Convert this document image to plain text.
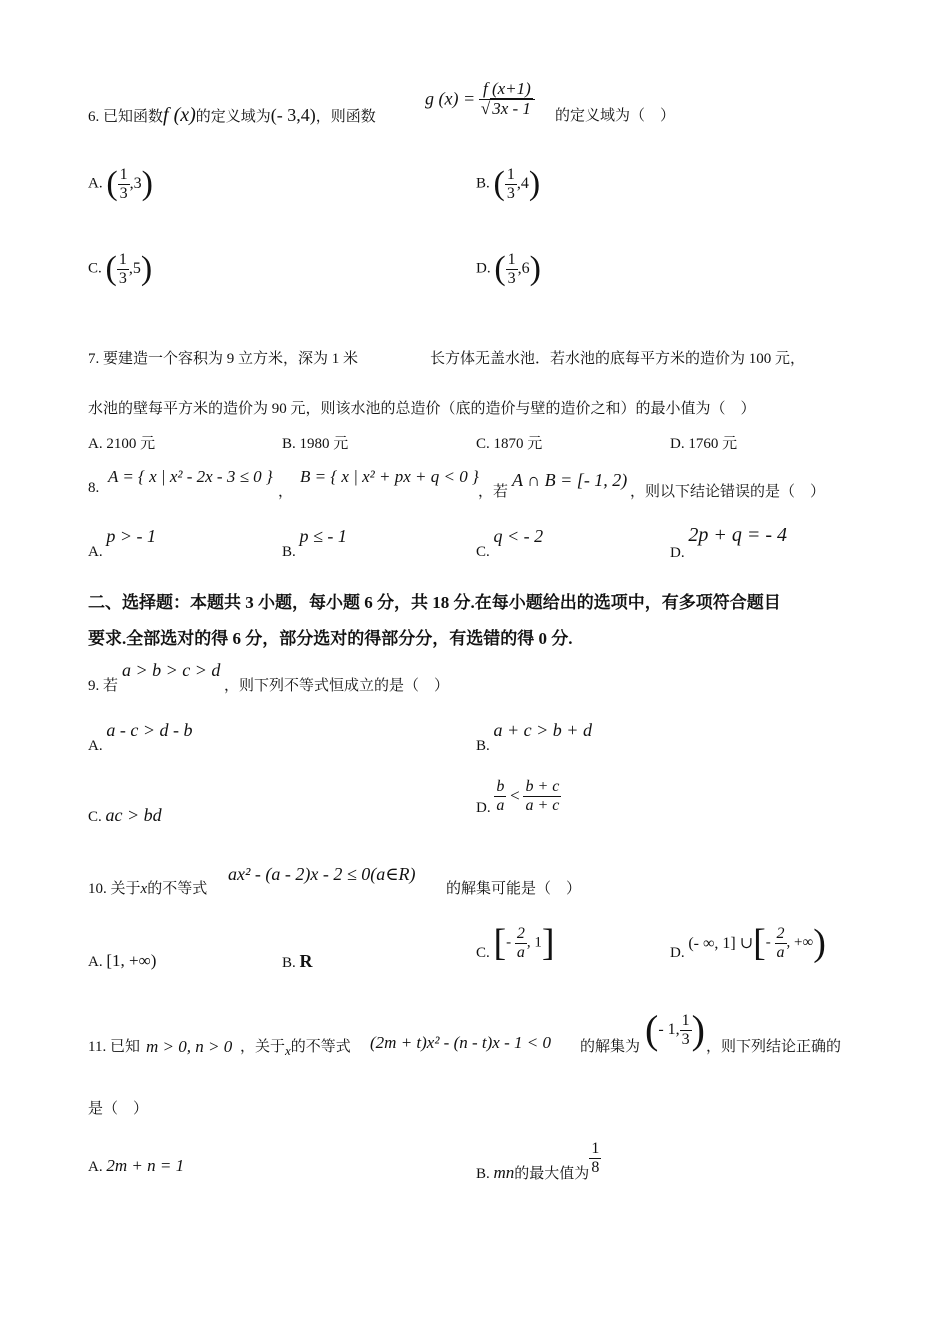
6. 已知函数f (x)的定义域为(- 3,4)，则函数
g $(x) = \frac{f (x+1)}{√ 3x - 1}$ 的定义域为（　）
A. ( $\frac{1}{3} ,3$)	B. ( $\frac{1}{3} ,4$)
C. ( $\frac{1}{3} ,5$)	D. ( $\frac{1}{3} ,6$)
7. 要建造一个容积为 9 立方米，深为 1 米	长方体无盖水池．若水池的底每平方米的造价为 100 元，
水池的壁每平方米的造价为 90 元，则该水池的总造价（底的造价与壁的造价之和）的最小值为（　）
A. 2100 元	B. 1980 元	C. 1870 元	D. 1760 元
8.
A = { x | x² - 2x - 3 ≤ 0 }
，
B = { x | x² + px + q < 0 }
，若
A ∩ B = [- 1, 2)
，则以下结论错误的是（　）
A. p > - 1
B. p ≤ - 1
C. q < - 2
D. 2p + q = - 4
二、选择题：本题共 3 小题，每小题 6 分，共 18 分.在每小题给出的选项中，有多项符合题目
要求.全部选对的得 6 分，部分选对的得部分分，有选错的得 0 分.
9. 若
a > b > c > d
，则下列不等式恒成立的是（　）
A. a - c > d - b
B. a + c > b + d
C. ac > bd	D. $\frac{b}{a} < \frac{b + c}{a + c}$
10. 关于x的不等式
ax² - (a - 2)x - 2 ≤ 0(a∈R)
的解集可能是（　）
A. [1, +∞)	B. R	C. [- $\frac{2}{a}$ , 1]	D. (- ∞, 1] ∪[- $\frac{2}{a}$ , +∞)
11. 已知 m > 0, n > 0 ，关于x的不等式 (2m + t)x² - (n - t)x - 1 < 0 的解集为 (- 1, $\frac{1}{3}$ ) ，则下列结论正确的
是（　）
A. 2m + n = 1	B. mn的最大值为 $\frac{1}{8}$
